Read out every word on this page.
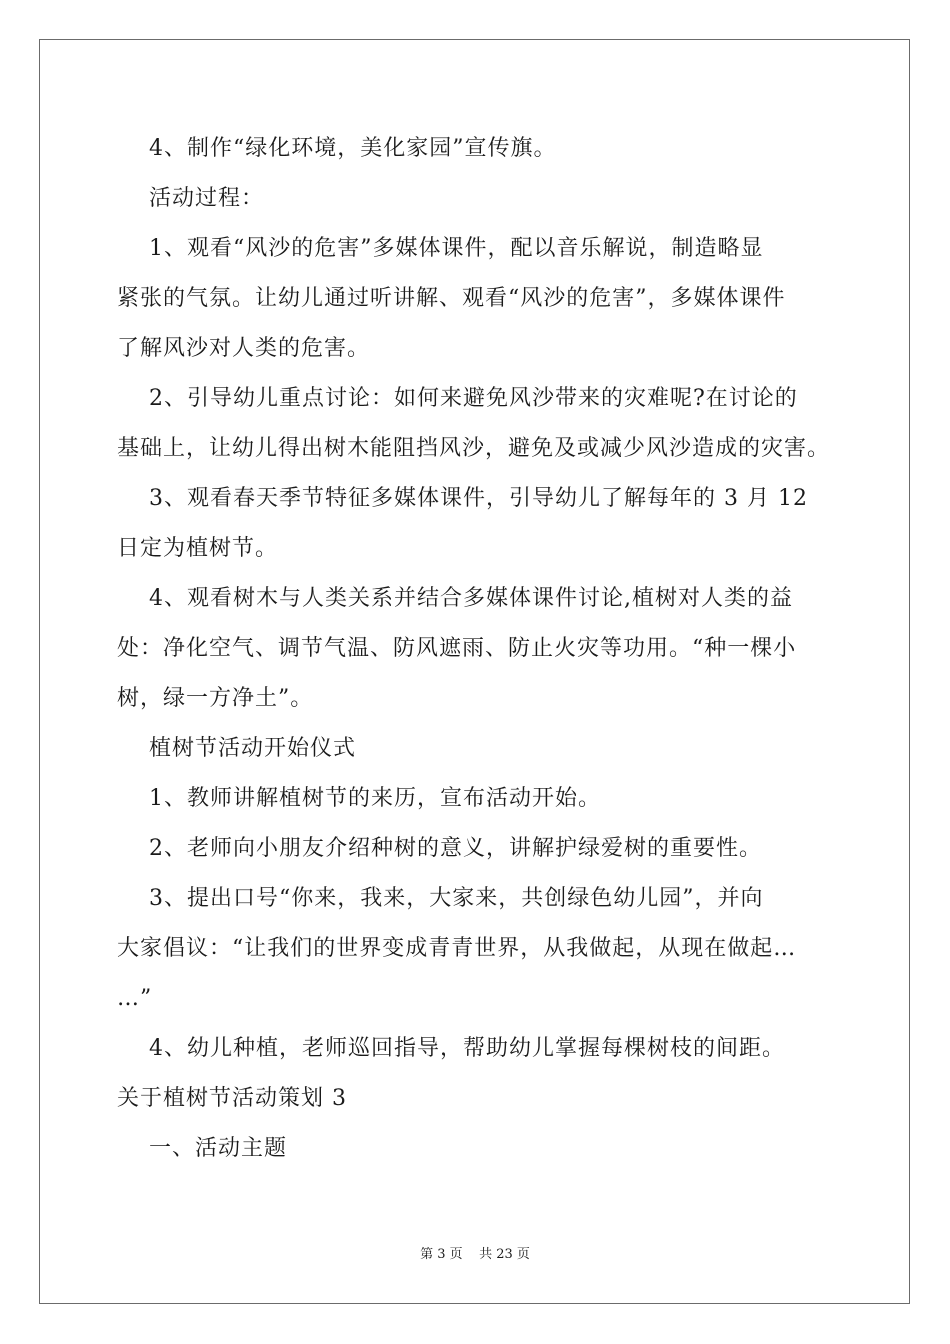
4、制作“绿化环境，美化家园”宣传旗。
活动过程：
1、观看“风沙的危害”多媒体课件，配以音乐解说，制造略显
紧张的气氛。让幼儿通过听讲解、观看“风沙的危害”，多媒体课件
了解风沙对人类的危害。
2、引导幼儿重点讨论：如何来避免风沙带来的灾难呢?在讨论的
基础上，让幼儿得出树木能阻挡风沙，避免及或减少风沙造成的灾害。
3、观看春天季节特征多媒体课件，引导幼儿了解每年的 3 月 12
日定为植树节。
4、观看树木与人类关系并结合多媒体课件讨论,植树对人类的益
处：净化空气、调节气温、防风遮雨、防止火灾等功用。“种一棵小
树，绿一方净土”。
植树节活动开始仪式
1、教师讲解植树节的来历，宣布活动开始。
2、老师向小朋友介绍种树的意义，讲解护绿爱树的重要性。
3、提出口号“你来，我来，大家来，共创绿色幼儿园”，并向
大家倡议：“让我们的世界变成青青世界，从我做起，从现在做起…
…”
4、幼儿种植，老师巡回指导，帮助幼儿掌握每棵树枝的间距。
关于植树节活动策划 3
一、活动主题
第 3 页    共 23 页
